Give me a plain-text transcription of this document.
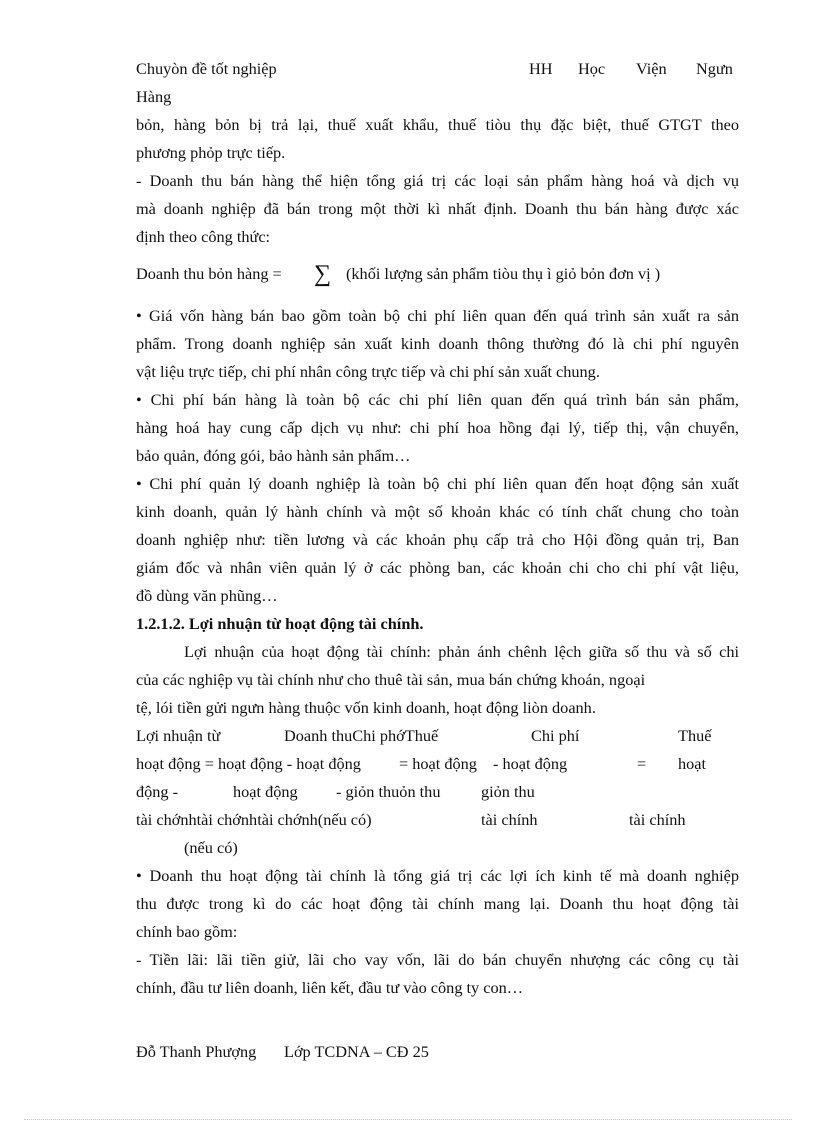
Chuyòn đề tốt nghiệp	HH Học Viện Ngưn

Hàng

bỏn, hàng bỏn bị trả lại, thuế xuất khẩu, thuế tiòu thụ đặc biệt, thuế GTGT theo

phương phỏp trực tiếp.

- Doanh thu bán hàng thể hiện tổng giá trị các loại sản phẩm hàng hoá và dịch vụ

mà doanh nghiệp đã bán trong một thời kì nhất định. Doanh thu bán hàng được xác

định theo công thức:

Doanh thu bỏn hàng = ∑ (khối lượng sản phẩm tiòu thụ ì giỏ bỏn đơn vị )

• Giá vốn hàng bán bao gồm toàn bộ chi phí liên quan đến quá trình sản xuất ra sản

phẩm. Trong doanh nghiệp sản xuất kinh doanh thông thường đó là chi phí nguyên

vật liệu trực tiếp, chi phí nhân công trực tiếp và chi phí sản xuất chung.

• Chi phí bán hàng là toàn bộ các chi phí liên quan đến quá trình bán sản phẩm,

hàng hoá hay cung cấp dịch vụ như: chi phí hoa hồng đại lý, tiếp thị, vận chuyển,

bảo quản, đóng gói, bảo hành sản phẩm…

• Chi phí quản lý doanh nghiệp là toàn bộ chi phí liên quan đến hoạt động sản xuất

kinh doanh, quản lý hành chính và một số khoản khác có tính chất chung cho toàn

doanh nghiệp như: tiền lương và các khoản phụ cấp trả cho Hội đồng quản trị, Ban

giám đốc và nhân viên quản lý ở các phòng ban, các khoản chi cho chi phí vật liệu,

đồ dùng văn phũng…

1.2.1.2. Lợi nhuận từ hoạt động tài chính.

Lợi nhuận của hoạt động tài chính: phản ánh chênh lệch giữa số thu và số chi

của các nghiệp vụ tài chính như cho thuê tài sản, mua bán chứng khoán, ngoại

tệ, lói tiền gửi ngưn hàng thuộc vốn kinh doanh, hoạt động liòn doanh.

Lợi nhuận từ	Doanh thuChi phớThuế	Chi phí	Thuế

hoạt động = hoạt động - hoạt động = hoạt động - hoạt động	= hoạt

động -	hoạt động - giỏn thuỏn thu giỏn thu

tài chớnhtài chớnhtài chớnh(nếu có)	tài chính	tài chính

(nếu có)

• Doanh thu hoạt động tài chính là tổng giá trị các lợi ích kinh tế mà doanh nghiệp

thu được trong kì do các hoạt động tài chính mang lại. Doanh thu hoạt động tài

chính bao gồm:

- Tiền lãi: lãi tiền giử, lãi cho vay vốn, lãi do bán chuyển nhượng các công cụ tài

chính, đầu tư liên doanh, liên kết, đầu tư vào công ty con…

Đỗ Thanh Phượng Lớp TCDNA – CĐ 25
